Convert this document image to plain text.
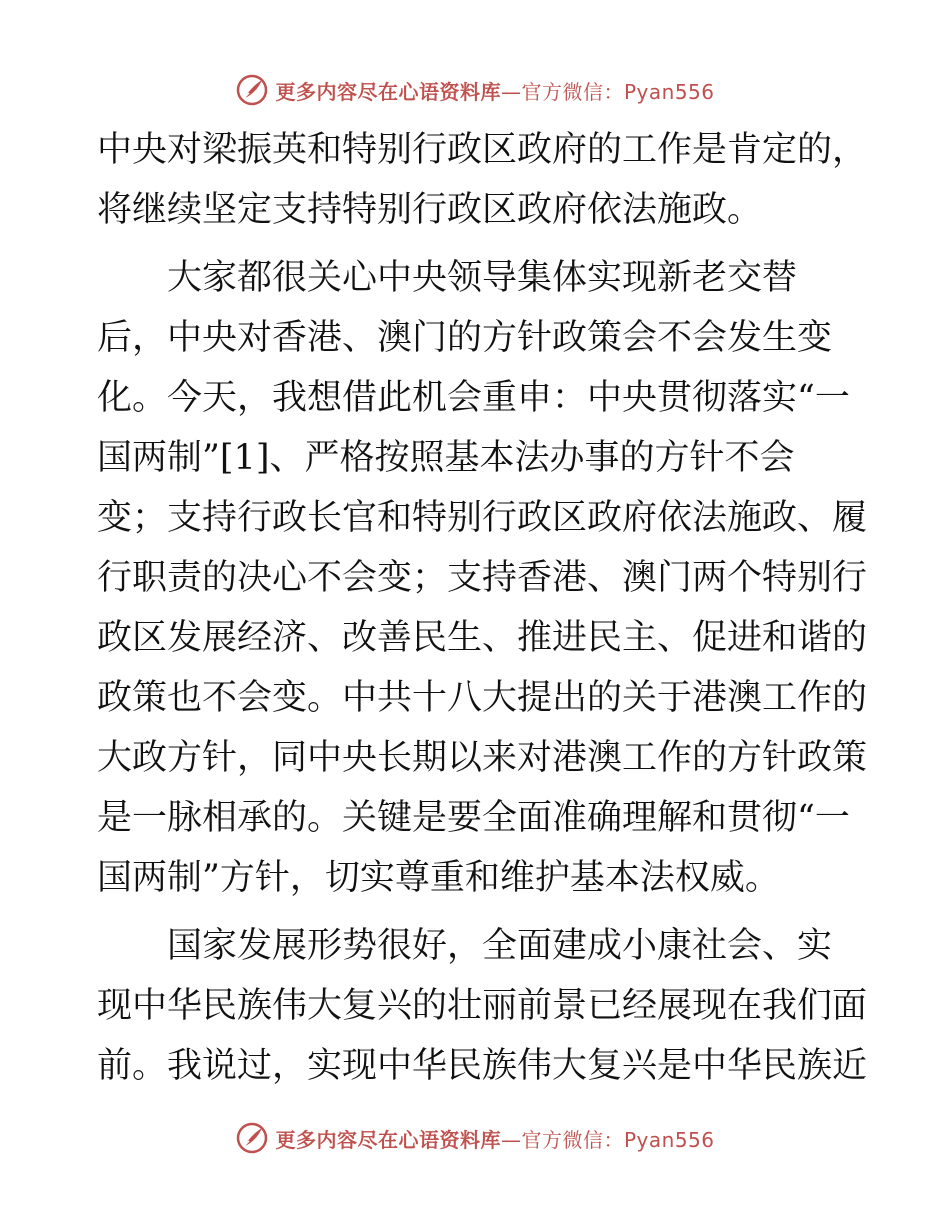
更多内容尽在心语资料库—官方微信：Pyan556
中央对梁振英和特别行政区政府的工作是肯定的，
将继续坚定支持特别行政区政府依法施政。
　　大家都很关心中央领导集体实现新老交替
后，中央对香港、澳门的方针政策会不会发生变
化。今天，我想借此机会重申：中央贯彻落实“一
国两制”[1]、严格按照基本法办事的方针不会
变；支持行政长官和特别行政区政府依法施政、履
行职责的决心不会变；支持香港、澳门两个特别行
政区发展经济、改善民生、推进民主、促进和谐的
政策也不会变。中共十八大提出的关于港澳工作的
大政方针，同中央长期以来对港澳工作的方针政策
是一脉相承的。关键是要全面准确理解和贯彻“一
国两制”方针，切实尊重和维护基本法权威。
　　国家发展形势很好，全面建成小康社会、实
现中华民族伟大复兴的壮丽前景已经展现在我们面
前。我说过，实现中华民族伟大复兴是中华民族近
更多内容尽在心语资料库—官方微信：Pyan556
